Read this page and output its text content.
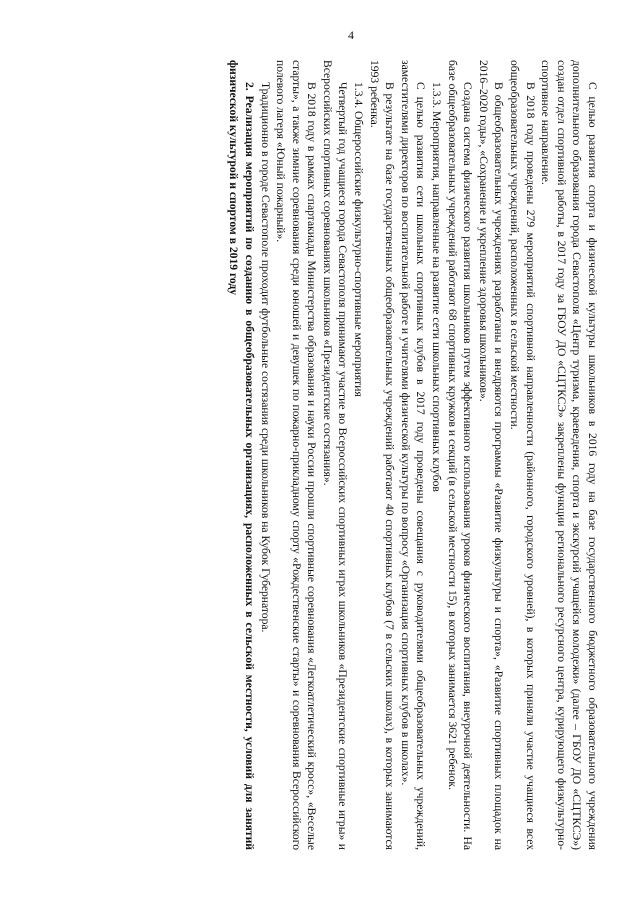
4

С целью развития спорта и физической культуры школьников в 2016 году на базе государственного бюджетного образовательного учреждения дополнительного образования города Севастополя «Центр туризма, краеведения, спорта и экскурсий учащейся молодежи» (далее – ГБОУ ДО «СЦТКСЭ») создан отдел спортивной работы, в 2017 году за ГБОУ ДО «СЦТКСЭ» закреплены функции регионального ресурсного центра, курирующего физкультурно-спортивное направление.

В 2018 году проведены 279 мероприятий спортивной направленности (районного, городского уровней), в которых приняли участие учащиеся всех общеобразовательных учреждений, расположенных в сельской местности.

В общеобразовательных учреждениях разработаны и внедряются программы «Развитие физкультуры и спорта», «Развитие спортивных площадок на 2016–2020 годы», «Сохранение и укрепление здоровья школьников».

Создана система физического развития школьников путем эффективного использования уроков физического воспитания, внеурочной деятельности. На базе общеобразовательных учреждений работают 68 спортивных кружков и секций (в сельской местности 15), в которых занимается 3621 ребенок.

1.3.3. Мероприятия, направленные на развитие сети школьных спортивных клубов

С целью развития сети школьных спортивных клубов в 2017 году проведены совещания с руководителями общеобразовательных учреждений, заместителями директоров по воспитательной работе и учителями физической культуры по вопросу «Организация спортивных клубов в школах».

В результате на базе государственных общеобразовательных учреждений работают 40 спортивных клубов (7 в сельских школах), в которых занимаются 1993 ребенка.

1.3.4. Общероссийские физкультурно-спортивные мероприятия

Четвертый год учащиеся города Севастополя принимают участие во Всероссийских спортивных играх школьников «Президентские спортивные игры» и Всероссийских спортивных соревнованиях школьников «Президентские состязания».

В 2018 году в рамках спартакиады Министерства образования и науки России прошли спортивные соревнования «Легкоатлетический кросс», «Веселые старты», а также зимние соревнования среди юношей и девушек по пожарно-прикладному спорту «Рождественские старты» и соревнования Всероссийского полевого лагеря «Юный пожарный».

Традиционно в городе Севастополе проходит футбольные состязания среди школьников на Кубок Губернатора.

2. Реализация мероприятий по созданию в общеобразовательных организациях, расположенных в сельской местности, условий для занятий физической культурой и спортом в 2019 году
